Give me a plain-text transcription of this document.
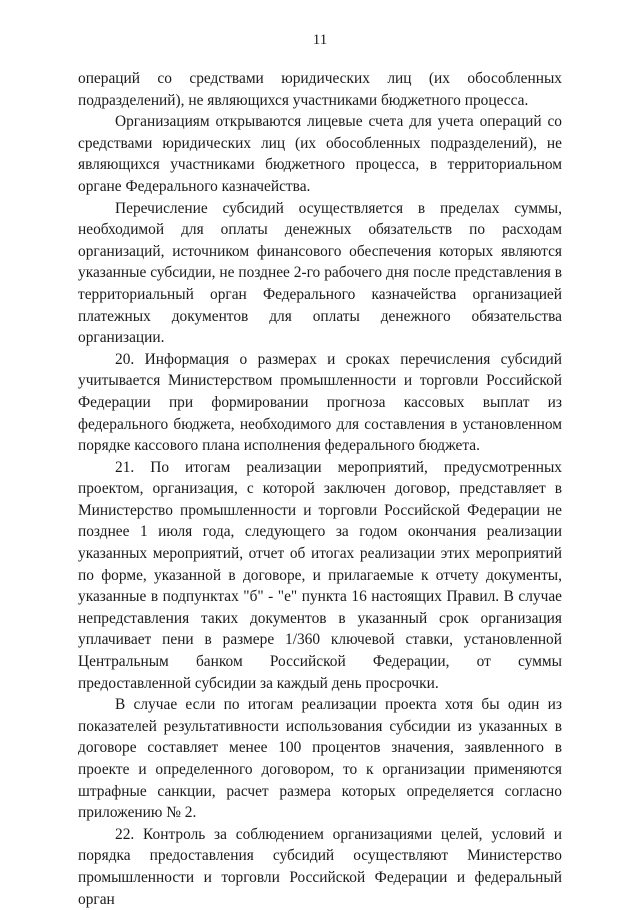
11

операций со средствами юридических лиц (их обособленных подразделений), не являющихся участниками бюджетного процесса.

Организациям открываются лицевые счета для учета операций со средствами юридических лиц (их обособленных подразделений), не являющихся участниками бюджетного процесса, в территориальном органе Федерального казначейства.

Перечисление субсидий осуществляется в пределах суммы, необходимой для оплаты денежных обязательств по расходам организаций, источником финансового обеспечения которых являются указанные субсидии, не позднее 2-го рабочего дня после представления в территориальный орган Федерального казначейства организацией платежных документов для оплаты денежного обязательства организации.

20. Информация о размерах и сроках перечисления субсидий учитывается Министерством промышленности и торговли Российской Федерации при формировании прогноза кассовых выплат из федерального бюджета, необходимого для составления в установленном порядке кассового плана исполнения федерального бюджета.

21. По итогам реализации мероприятий, предусмотренных проектом, организация, с которой заключен договор, представляет в Министерство промышленности и торговли Российской Федерации не позднее 1 июля года, следующего за годом окончания реализации указанных мероприятий, отчет об итогах реализации этих мероприятий по форме, указанной в договоре, и прилагаемые к отчету документы, указанные в подпунктах "б" - "е" пункта 16 настоящих Правил. В случае непредставления таких документов в указанный срок организация уплачивает пени в размере 1/360 ключевой ставки, установленной Центральным банком Российской Федерации, от суммы предоставленной субсидии за каждый день просрочки.

В случае если по итогам реализации проекта хотя бы один из показателей результативности использования субсидии из указанных в договоре составляет менее 100 процентов значения, заявленного в проекте и определенного договором, то к организации применяются штрафные санкции, расчет размера которых определяется согласно приложению № 2.

22. Контроль за соблюдением организациями целей, условий и порядка предоставления субсидий осуществляют Министерство промышленности и торговли Российской Федерации и федеральный орган
